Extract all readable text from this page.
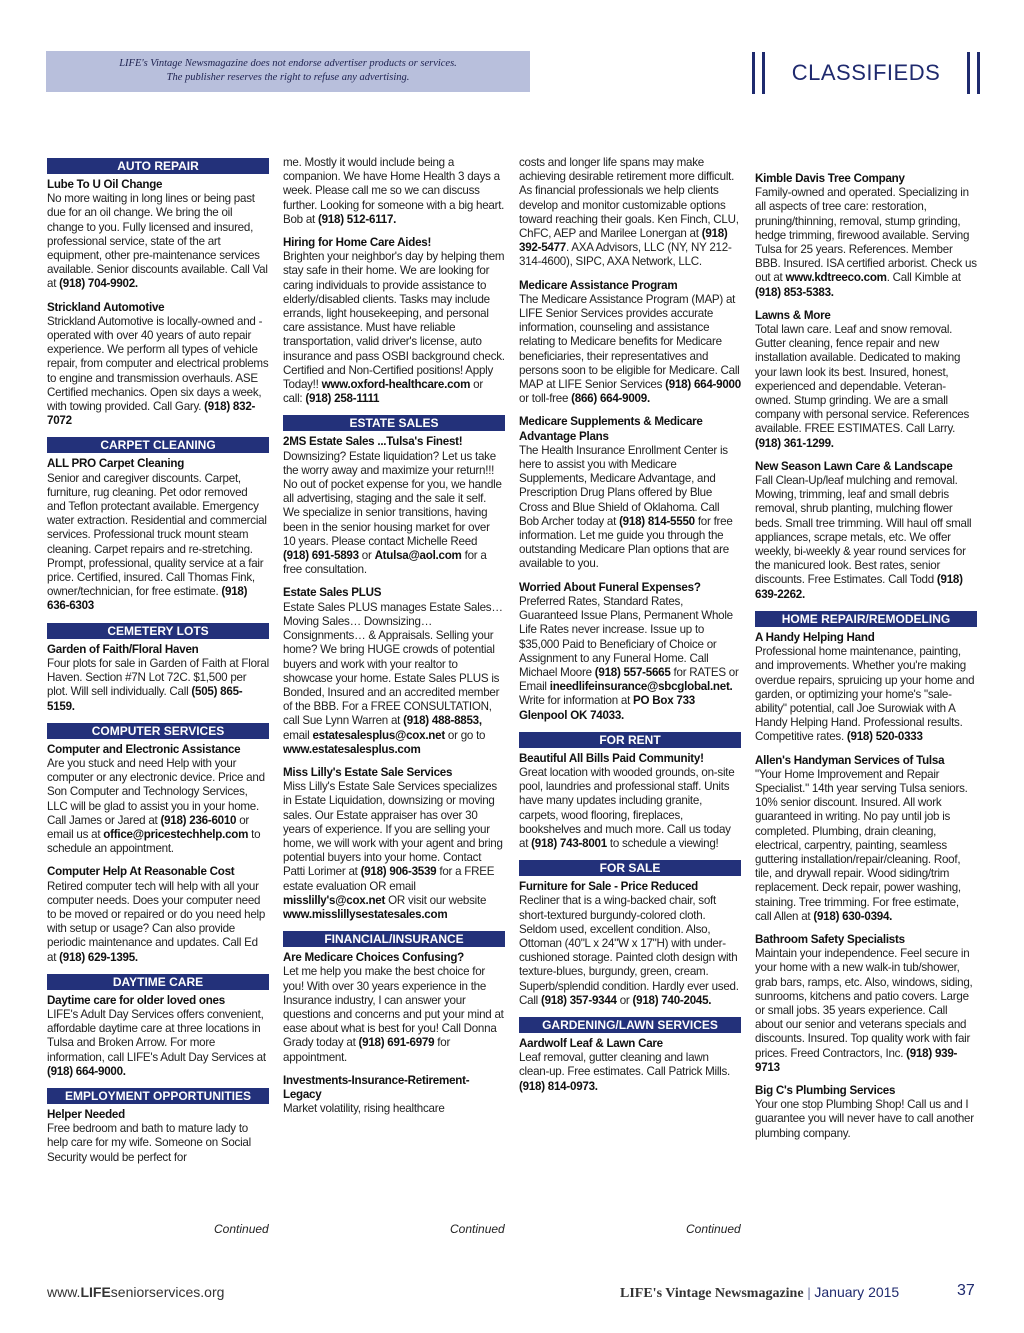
LIFE's Vintage Newsmagazine does not endorse advertiser products or services.
The publisher reserves the right to refuse any advertising.	CLASSIFIEDS
AUTO REPAIR
Lube To U Oil Change
No more waiting in long lines or being past due for an oil change. We bring the oil change to you. Fully licensed and insured, professional service, state of the art equipment, other pre-maintenance services available. Senior discounts available. Call Val at (918) 704-9902.
Strickland Automotive
Strickland Automotive is locally-owned and - operated with over 40 years of auto repair experience. We perform all types of vehicle repair, from computer and electrical problems to engine and transmission overhauls. ASE Certified mechanics. Open six days a week, with towing provided. Call Gary. (918) 832-7072
CARPET CLEANING
ALL PRO Carpet Cleaning
Senior and caregiver discounts. Carpet, furniture, rug cleaning. Pet odor removed and Teflon protectant available. Emergency water extraction. Residential and commercial services. Professional truck mount steam cleaning. Carpet repairs and re-stretching. Prompt, professional, quality service at a fair price. Certified, insured. Call Thomas Fink, owner/technician, for free estimate. (918) 636-6303
CEMETERY LOTS
Garden of Faith/Floral Haven
Four plots for sale in Garden of Faith at Floral Haven. Section #7N Lot 72C. $1,500 per plot. Will sell individually. Call (505) 865-5159.
COMPUTER SERVICES
Computer and Electronic Assistance
Are you stuck and need Help with your computer or any electronic device. Price and Son Computer and Technology Services, LLC will be glad to assist you in your home. Call James or Jared at (918) 236-6010 or email us at office@pricestechhelp.com to schedule an appointment.
Computer Help At Reasonable Cost
Retired computer tech will help with all your computer needs. Does your computer need to be moved or repaired or do you need help with setup or usage? Can also provide periodic maintenance and updates. Call Ed at (918) 629-1395.
DAYTIME CARE
Daytime care for older loved ones
LIFE's Adult Day Services offers convenient, affordable daytime care at three locations in Tulsa and Broken Arrow. For more information, call LIFE's Adult Day Services at (918) 664-9000.
EMPLOYMENT OPPORTUNITIES
Helper Needed
Free bedroom and bath to mature lady to help care for my wife. Someone on Social Security would be perfect for
Continued
me. Mostly it would include being a companion. We have Home Health 3 days a week. Please call me so we can discuss further. Looking for someone with a big heart. Bob at (918) 512-6117.
Hiring for Home Care Aides!
Brighten your neighbor's day by helping them stay safe in their home. We are looking for caring individuals to provide assistance to elderly/disabled clients. Tasks may include errands, light housekeeping, and personal care assistance. Must have reliable transportation, valid driver's license, auto insurance and pass OSBI background check. Certified and Non-Certified positions! Apply Today!! www.oxford-healthcare.com or call: (918) 258-1111
ESTATE SALES
2MS Estate Sales ...Tulsa's Finest!
Downsizing? Estate liquidation? Let us take the worry away and maximize your return!!! No out of pocket expense for you, we handle all advertising, staging and the sale it self. We specialize in senior transitions, having been in the senior housing market for over 10 years. Please contact Michelle Reed (918) 691-5893 or Atulsa@aol.com for a free consultation.
Estate Sales PLUS
Estate Sales PLUS manages Estate Sales… Moving Sales… Downsizing… Consignments… & Appraisals. Selling your home? We bring HUGE crowds of potential buyers and work with your realtor to showcase your home. Estate Sales PLUS is Bonded, Insured and an accredited member of the BBB. For a FREE CONSULTATION, call Sue Lynn Warren at (918) 488-8853, email estatesalesplus@cox.net or go to www.estatesalesplus.com
Miss Lilly's Estate Sale Services
Miss Lilly's Estate Sale Services specializes in Estate Liquidation, downsizing or moving sales. Our Estate appraiser has over 30 years of experience. If you are selling your home, we will work with your agent and bring potential buyers into your home. Contact Patti Lorimer at (918) 906-3539 for a FREE estate evaluation OR email misslilly's@cox.net OR visit our website www.misslillysestatesales.com
FINANCIAL/INSURANCE
Are Medicare Choices Confusing?
Let me help you make the best choice for you! With over 30 years experience in the Insurance industry, I can answer your questions and concerns and put your mind at ease about what is best for you! Call Donna Grady today at (918) 691-6979 for appointment.
Investments-Insurance-Retirement-Legacy
Market volatility, rising healthcare
Continued
costs and longer life spans may make achieving desirable retirement more difficult. As financial professionals we help clients develop and monitor customizable options toward reaching their goals. Ken Finch, CLU, ChFC, AEP and Marilee Lonergan at (918) 392-5477. AXA Advisors, LLC (NY, NY 212-314-4600), SIPC, AXA Network, LLC.
Medicare Assistance Program
The Medicare Assistance Program (MAP) at LIFE Senior Services provides accurate information, counseling and assistance relating to Medicare benefits for Medicare beneficiaries, their representatives and persons soon to be eligible for Medicare. Call MAP at LIFE Senior Services (918) 664-9000 or toll-free (866) 664-9009.
Medicare Supplements & Medicare Advantage Plans
The Health Insurance Enrollment Center is here to assist you with Medicare Supplements, Medicare Advantage, and Prescription Drug Plans offered by Blue Cross and Blue Shield of Oklahoma. Call Bob Archer today at (918) 814-5550 for free information. Let me guide you through the outstanding Medicare Plan options that are available to you.
Worried About Funeral Expenses?
Preferred Rates, Standard Rates, Guaranteed Issue Plans, Permanent Whole Life Rates never increase. Issue up to $35,000 Paid to Beneficiary of Choice or Assignment to any Funeral Home. Call Michael Moore (918) 557-5665 for RATES or Email ineedlifeinsurance@sbcglobal.net. Write for information at PO Box 733 Glenpool OK 74033.
FOR RENT
Beautiful All Bills Paid Community!
Great location with wooded grounds, on-site pool, laundries and professional staff. Units have many updates including granite, carpets, wood flooring, fireplaces, bookshelves and much more. Call us today at (918) 743-8001 to schedule a viewing!
FOR SALE
Furniture for Sale - Price Reduced
Recliner that is a wing-backed chair, soft short-textured burgundy-colored cloth. Seldom used, excellent condition. Also, Ottoman (40"L x 24"W x 17"H) with under-cushioned storage. Painted cloth design with texture-blues, burgundy, green, cream. Superb/splendid condition. Hardly ever used. Call (918) 357-9344 or (918) 740-2045.
GARDENING/LAWN SERVICES
Aardwolf Leaf & Lawn Care
Leaf removal, gutter cleaning and lawn clean-up. Free estimates. Call Patrick Mills. (918) 814-0973.
Continued
Kimble Davis Tree Company
Family-owned and operated. Specializing in all aspects of tree care: restoration, pruning/thinning, removal, stump grinding, hedge trimming, firewood available. Serving Tulsa for 25 years. References. Member BBB. Insured. ISA certified arborist. Check us out at www.kdtreeco.com. Call Kimble at (918) 853-5383.
Lawns & More
Total lawn care. Leaf and snow removal. Gutter cleaning, fence repair and new installation available. Dedicated to making your lawn look its best. Insured, honest, experienced and dependable. Veteran-owned. Stump grinding. We are a small company with personal service. References available. FREE ESTIMATES. Call Larry. (918) 361-1299.
New Season Lawn Care & Landscape
Fall Clean-Up/leaf mulching and removal. Mowing, trimming, leaf and small debris removal, shrub planting, mulching flower beds. Small tree trimming. Will haul off small appliances, scrape metals, etc. We offer weekly, bi-weekly & year round services for the manicured look. Best rates, senior discounts. Free Estimates. Call Todd (918) 639-2262.
HOME REPAIR/REMODELING
A Handy Helping Hand
Professional home maintenance, painting, and improvements. Whether you're making overdue repairs, spruicing up your home and garden, or optimizing your home's "sale-ability" potential, call Joe Surowiak with A Handy Helping Hand. Professional results. Competitive rates. (918) 520-0333
Allen's Handyman Services of Tulsa
"Your Home Improvement and Repair Specialist." 14th year serving Tulsa seniors. 10% senior discount. Insured. All work guaranteed in writing. No pay until job is completed. Plumbing, drain cleaning, electrical, carpentry, painting, seamless guttering installation/repair/cleaning. Roof, tile, and drywall repair. Wood siding/trim replacement. Deck repair, power washing, staining. Tree trimming. For free estimate, call Allen at (918) 630-0394.
Bathroom Safety Specialists
Maintain your independence. Feel secure in your home with a new walk-in tub/shower, grab bars, ramps, etc. Also, windows, siding, sunrooms, kitchens and patio covers. Large or small jobs. 35 years experience. Call about our senior and veterans specials and discounts. Insured. Top quality work with fair prices. Freed Contractors, Inc. (918) 939-9713
Big C's Plumbing Services
Your one stop Plumbing Shop! Call us and I guarantee you will never have to call another plumbing company.
www.LIFEseniorservices.org	LIFE's Vintage Newsmagazine | January 2015	37
